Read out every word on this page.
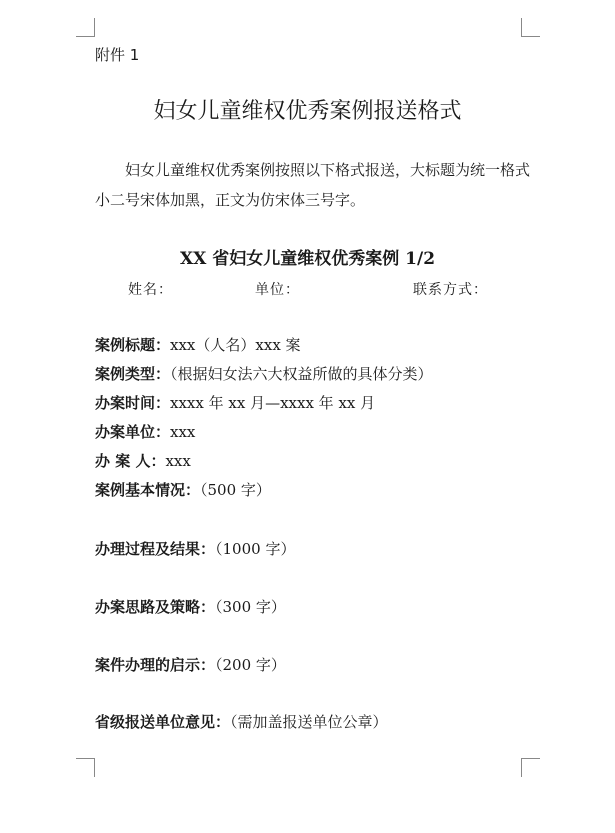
附件 1
妇女儿童维权优秀案例报送格式
妇女儿童维权优秀案例按照以下格式报送，大标题为统一格式小二号宋体加黑，正文为仿宋体三号字。
XX 省妇女儿童维权优秀案例 1/2
姓名：	单位：	联系方式：
案例标题：xxx（人名）xxx 案
案例类型：（根据妇女法六大权益所做的具体分类）
办案时间：xxxx 年 xx 月—xxxx 年 xx 月
办案单位：xxx
办 案 人：xxx
案例基本情况：（500 字）
办理过程及结果：（1000 字）
办案思路及策略：（300 字）
案件办理的启示：（200 字）
省级报送单位意见：（需加盖报送单位公章）
